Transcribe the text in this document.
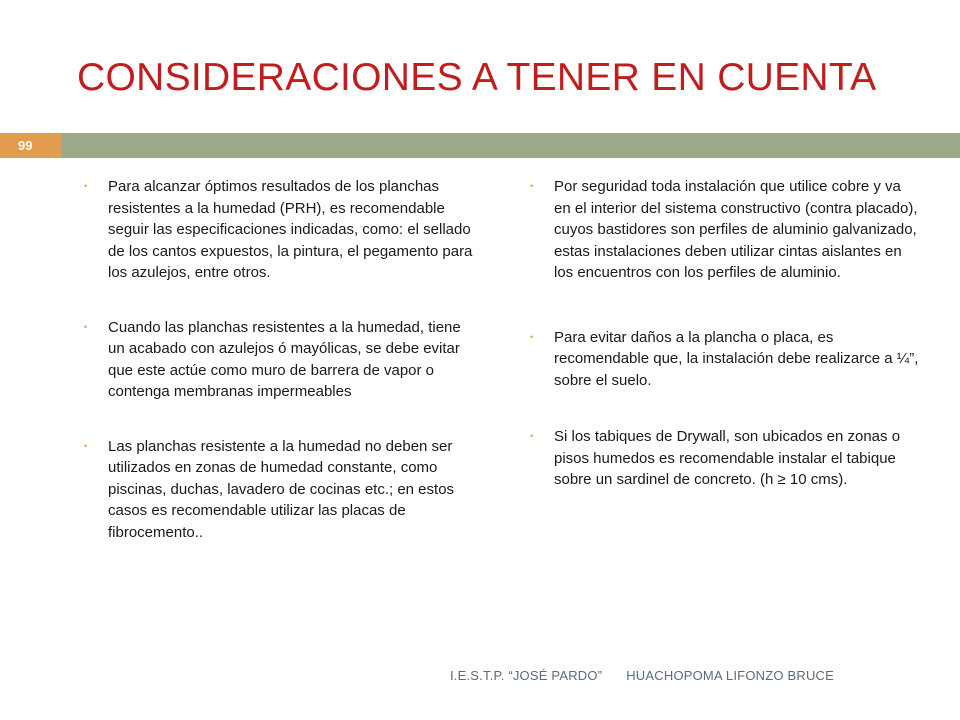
CONSIDERACIONES A TENER EN CUENTA
99
• Para alcanzar óptimos resultados de los planchas resistentes a la humedad (PRH), es recomendable seguir las especificaciones indicadas, como: el sellado de los cantos expuestos, la pintura, el pegamento para los azulejos, entre otros.
• Cuando las planchas resistentes a la humedad, tiene un acabado con azulejos ó mayólicas, se debe evitar que este actúe como muro de barrera de vapor o contenga membranas impermeables
• Las planchas resistente a la humedad no deben ser utilizados en zonas de humedad constante, como piscinas, duchas, lavadero de cocinas etc.; en estos casos es recomendable utilizar las placas de fibrocemento..
• Por seguridad toda instalación que utilice cobre y va en el interior del sistema constructivo (contra placado), cuyos bastidores son perfiles de aluminio galvanizado, estas instalaciones deben utilizar cintas aislantes en los encuentros con los perfiles de aluminio.
• Para evitar daños a la plancha o placa, es recomendable que, la instalación debe realizarce a ¼”, sobre el suelo.
• Si los tabiques de Drywall, son ubicados en zonas o pisos humedos es recomendable instalar el tabique sobre un sardinel de concreto. (h ≥ 10 cms).
I.E.S.T.P. “JOSÉ PARDO” HUACHOPOMA LIFONZO BRUCE
